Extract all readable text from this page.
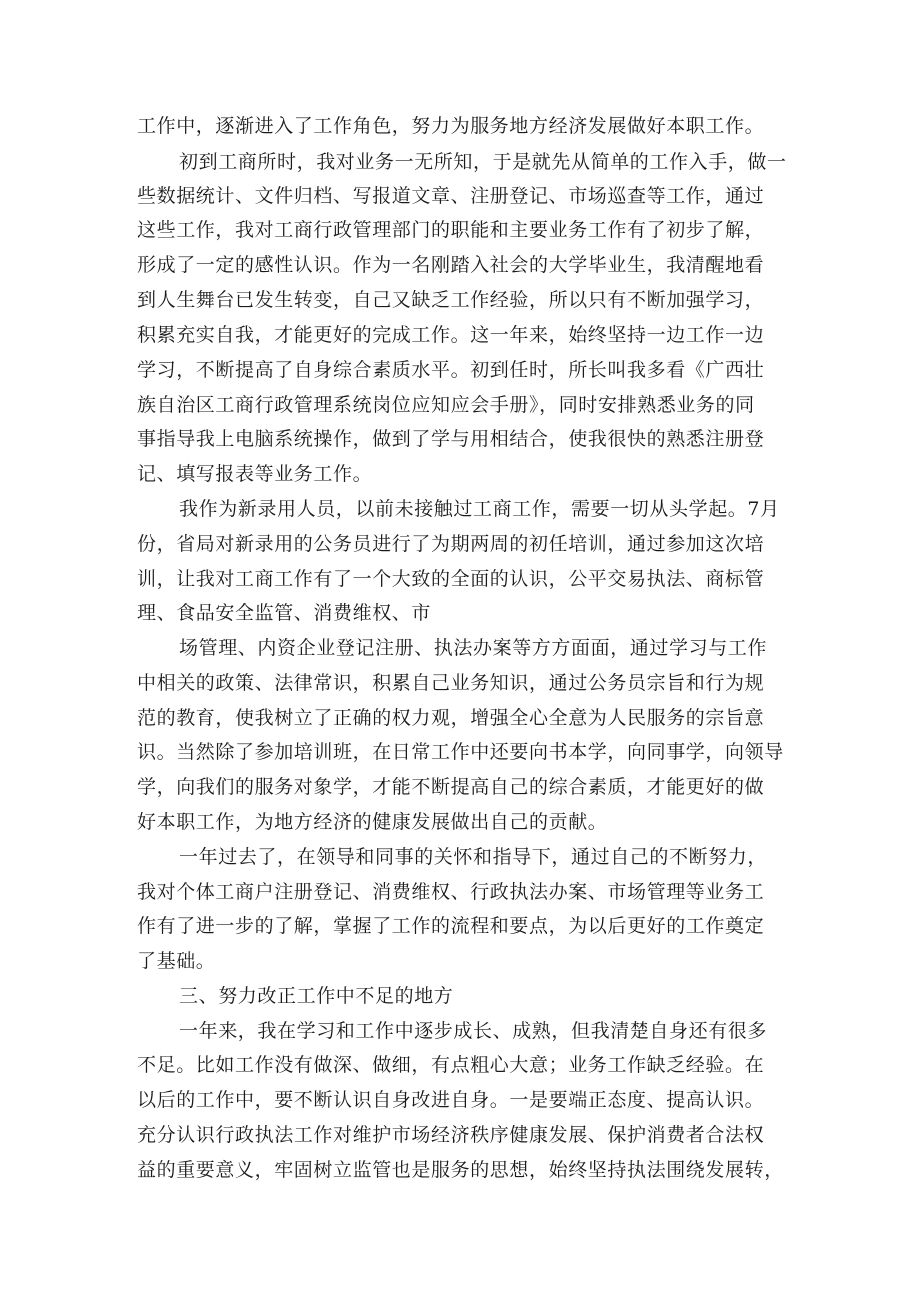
工作中，逐渐进入了工作角色，努力为服务地方经济发展做好本职工作。

初到工商所时，我对业务一无所知，于是就先从简单的工作入手，做一

些数据统计、文件归档、写报道文章、注册登记、市场巡查等工作，通过

这些工作，我对工商行政管理部门的职能和主要业务工作有了初步了解，

形成了一定的感性认识。作为一名刚踏入社会的大学毕业生，我清醒地看

到人生舞台已发生转变，自己又缺乏工作经验，所以只有不断加强学习，

积累充实自我，才能更好的完成工作。这一年来，始终坚持一边工作一边

学习，不断提高了自身综合素质水平。初到任时，所长叫我多看《广西壮

族自治区工商行政管理系统岗位应知应会手册》，同时安排熟悉业务的同

事指导我上电脑系统操作，做到了学与用相结合，使我很快的熟悉注册登

记、填写报表等业务工作。

我作为新录用人员，以前未接触过工商工作，需要一切从头学起。7月

份，省局对新录用的公务员进行了为期两周的初任培训，通过参加这次培

训，让我对工商工作有了一个大致的全面的认识，公平交易执法、商标管

理、食品安全监管、消费维权、市

场管理、内资企业登记注册、执法办案等方方面面，通过学习与工作

中相关的政策、法律常识，积累自己业务知识，通过公务员宗旨和行为规

范的教育，使我树立了正确的权力观，增强全心全意为人民服务的宗旨意

识。当然除了参加培训班，在日常工作中还要向书本学，向同事学，向领导

学，向我们的服务对象学，才能不断提高自己的综合素质，才能更好的做

好本职工作，为地方经济的健康发展做出自己的贡献。

一年过去了，在领导和同事的关怀和指导下，通过自己的不断努力，

我对个体工商户注册登记、消费维权、行政执法办案、市场管理等业务工

作有了进一步的了解，掌握了工作的流程和要点，为以后更好的工作奠定

了基础。

三、努力改正工作中不足的地方

一年来，我在学习和工作中逐步成长、成熟，但我清楚自身还有很多

不足。比如工作没有做深、做细，有点粗心大意；业务工作缺乏经验。在

以后的工作中，要不断认识自身改进自身。一是要端正态度、提高认识。

充分认识行政执法工作对维护市场经济秩序健康发展、保护消费者合法权

益的重要意义，牢固树立监管也是服务的思想，始终坚持执法围绕发展转，
